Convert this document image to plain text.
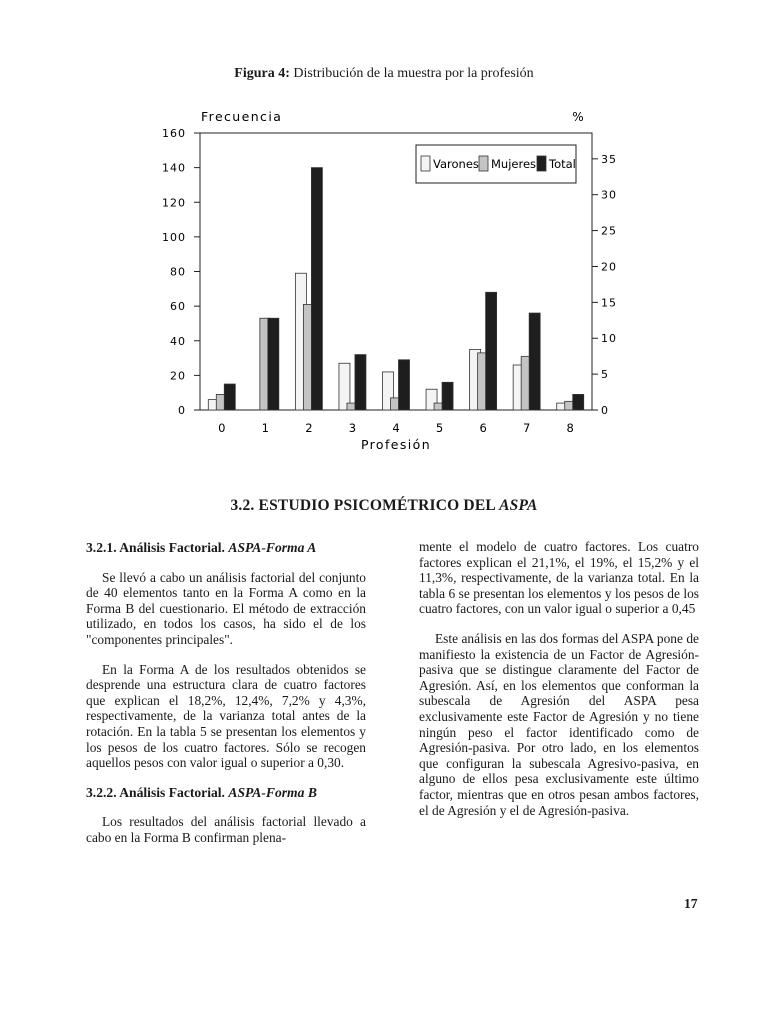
Figura 4: Distribución de la muestra por la profesión
0
20
40
60
80
100
120
140
160
0
5
10
15
20
25
30
35
Frecuencia	%
Profesión
0	1	2	3	4	5	6	7	8
Varones Mujeres Total
3.2. ESTUDIO PSICOMÉTRICO DEL ASPA
3.2.1. Análisis Factorial. ASPA-Forma A

Se llevó a cabo un análisis factorial del conjunto de 40 elementos tanto en la Forma A como en la Forma B del cuestionario. El método de extracción utilizado, en todos los casos, ha sido el de los "componentes principales".

En la Forma A de los resultados obtenidos se desprende una estructura clara de cuatro factores que explican el 18,2%, 12,4%, 7,2% y 4,3%, respectivamente, de la varianza total antes de la rotación. En la tabla 5 se presentan los elementos y los pesos de los cuatro factores. Sólo se recogen aquellos pesos con valor igual o superior a 0,30.

3.2.2. Análisis Factorial. ASPA-Forma B

Los resultados del análisis factorial llevado a cabo en la Forma B confirman plena-

mente el modelo de cuatro factores. Los cuatro factores explican el 21,1%, el 19%, el 15,2% y el 11,3%, respectivamente, de la varianza total. En la tabla 6 se presentan los elementos y los pesos de los cuatro factores, con un valor igual o superior a 0,45

Este análisis en las dos formas del ASPA pone de manifiesto la existencia de un Factor de Agresión-pasiva que se distingue claramente del Factor de Agresión. Así, en los elementos que conforman la subescala de Agresión del ASPA pesa exclusivamente este Factor de Agresión y no tiene ningún peso el factor identificado como de Agresión-pasiva. Por otro lado, en los elementos que configuran la subescala Agresivo-pasiva, en alguno de ellos pesa exclusivamente este último factor, mientras que en otros pesan ambos factores, el de Agresión y el de Agresión-pasiva.

17
